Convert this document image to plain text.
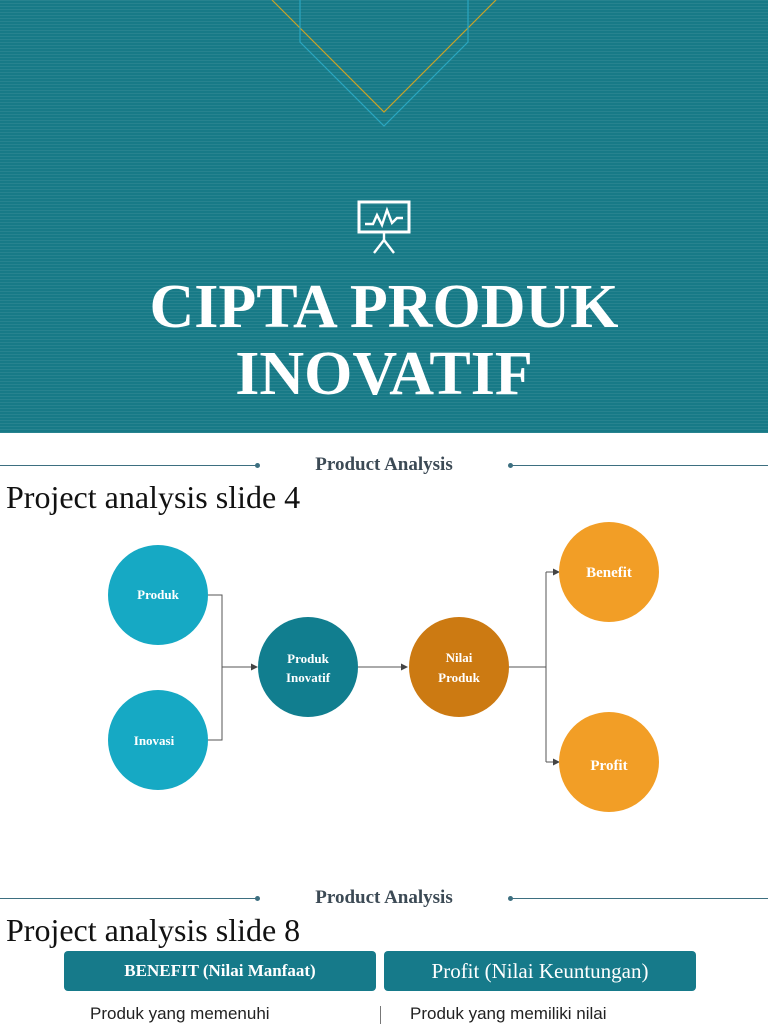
CIPTA PRODUK
INOVATIF
Product Analysis
Project analysis slide 4
Produk
Inovasi
Produk
Inovatif
Nilai
Produk
Benefit
Profit
Product Analysis
Project analysis slide 8
BENEFIT (Nilai Manfaat)	Profit (Nilai Keuntungan)
Produk yang memenuhi	Produk yang memiliki nilai
